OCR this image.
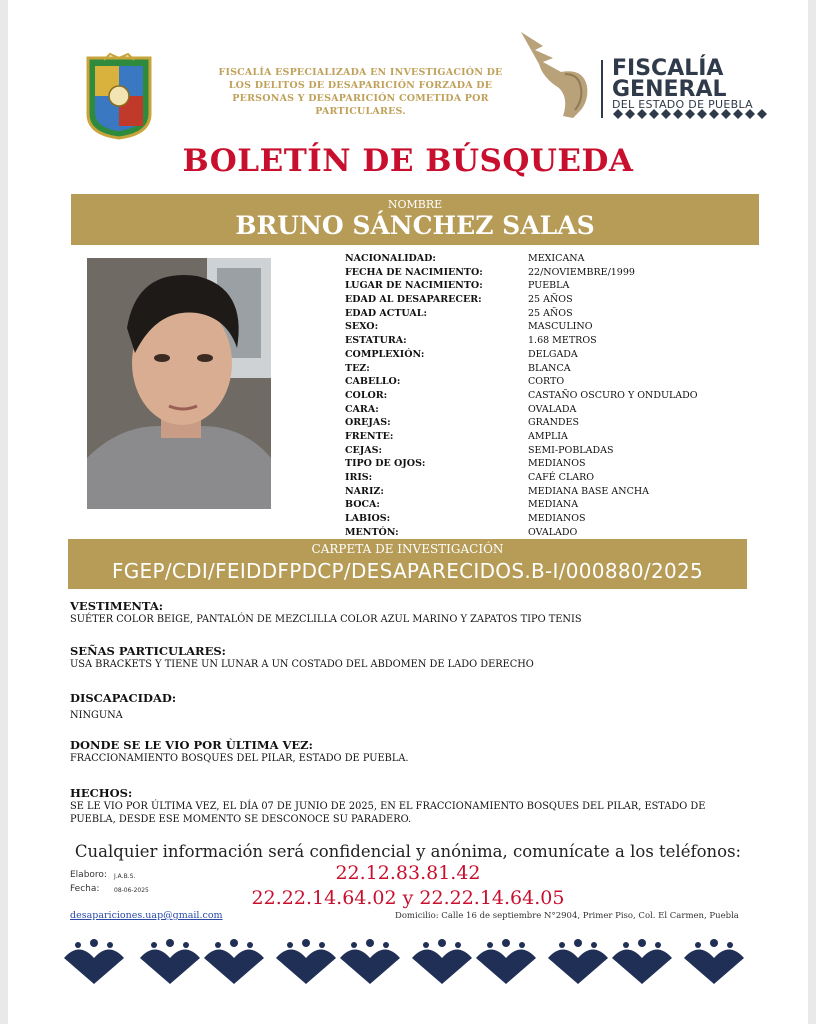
FISCALÍA ESPECIALIZADA EN INVESTIGACIÓN DE
LOS DELITOS DE DESAPARICIÓN FORZADA DE
PERSONAS Y DESAPARICIÓN COMETIDA POR
PARTICULARES.
FISCALÍA
GENERAL
DEL ESTADO DE PUEBLA
BOLETÍN DE BÚSQUEDA
NOMBRE
BRUNO SÁNCHEZ SALAS
NACIONALIDAD:	MEXICANA
FECHA DE NACIMIENTO:	22/NOVIEMBRE/1999
LUGAR DE NACIMIENTO:	PUEBLA
EDAD AL DESAPARECER:	25 AÑOS
EDAD ACTUAL:	25 AÑOS
SEXO:	MASCULINO
ESTATURA:	1.68 METROS
COMPLEXIÓN:	DELGADA
TEZ:	BLANCA
CABELLO:	CORTO
COLOR:	CASTAÑO OSCURO Y ONDULADO
CARA:	OVALADA
OREJAS:	GRANDES
FRENTE:	AMPLIA
CEJAS:	SEMI-POBLADAS
TIPO DE OJOS:	MEDIANOS
IRIS:	CAFÉ CLARO
NARIZ:	MEDIANA BASE ANCHA
BOCA:	MEDIANA
LABIOS:	MEDIANOS
MENTÓN:	OVALADO
CARPETA DE INVESTIGACIÓN
FGEP/CDI/FEIDDFPDCP/DESAPARECIDOS.B-I/000880/2025
VESTIMENTA:
SUÉTER COLOR BEIGE, PANTALÓN DE MEZCLILLA COLOR AZUL MARINO Y ZAPATOS TIPO TENIS
SEÑAS PARTICULARES:
USA BRACKETS Y TIENE UN LUNAR A UN COSTADO DEL ABDOMEN DE LADO DERECHO
DISCAPACIDAD:
NINGUNA
DONDE SE LE VIO POR ÙLTIMA VEZ:
FRACCIONAMIENTO BOSQUES DEL PILAR, ESTADO DE PUEBLA.
HECHOS:
SE LE VIO POR ÚLTIMA VEZ, EL DÍA 07 DE JUNIO DE 2025, EN EL FRACCIONAMIENTO BOSQUES DEL PILAR, ESTADO DE
PUEBLA, DESDE ESE MOMENTO SE DESCONOCE SU PARADERO.
Cualquier información será confidencial y anónima, comunícate a los teléfonos:
22.12.83.81.42
22.22.14.64.02 y 22.22.14.64.05
Elaboro: J.A.B.S.
Fecha: 08-06-2025
desapariciones.uap@gmail.com	Domicilio: Calle 16 de septiembre N°2904, Primer Piso, Col. El Carmen, Puebla
